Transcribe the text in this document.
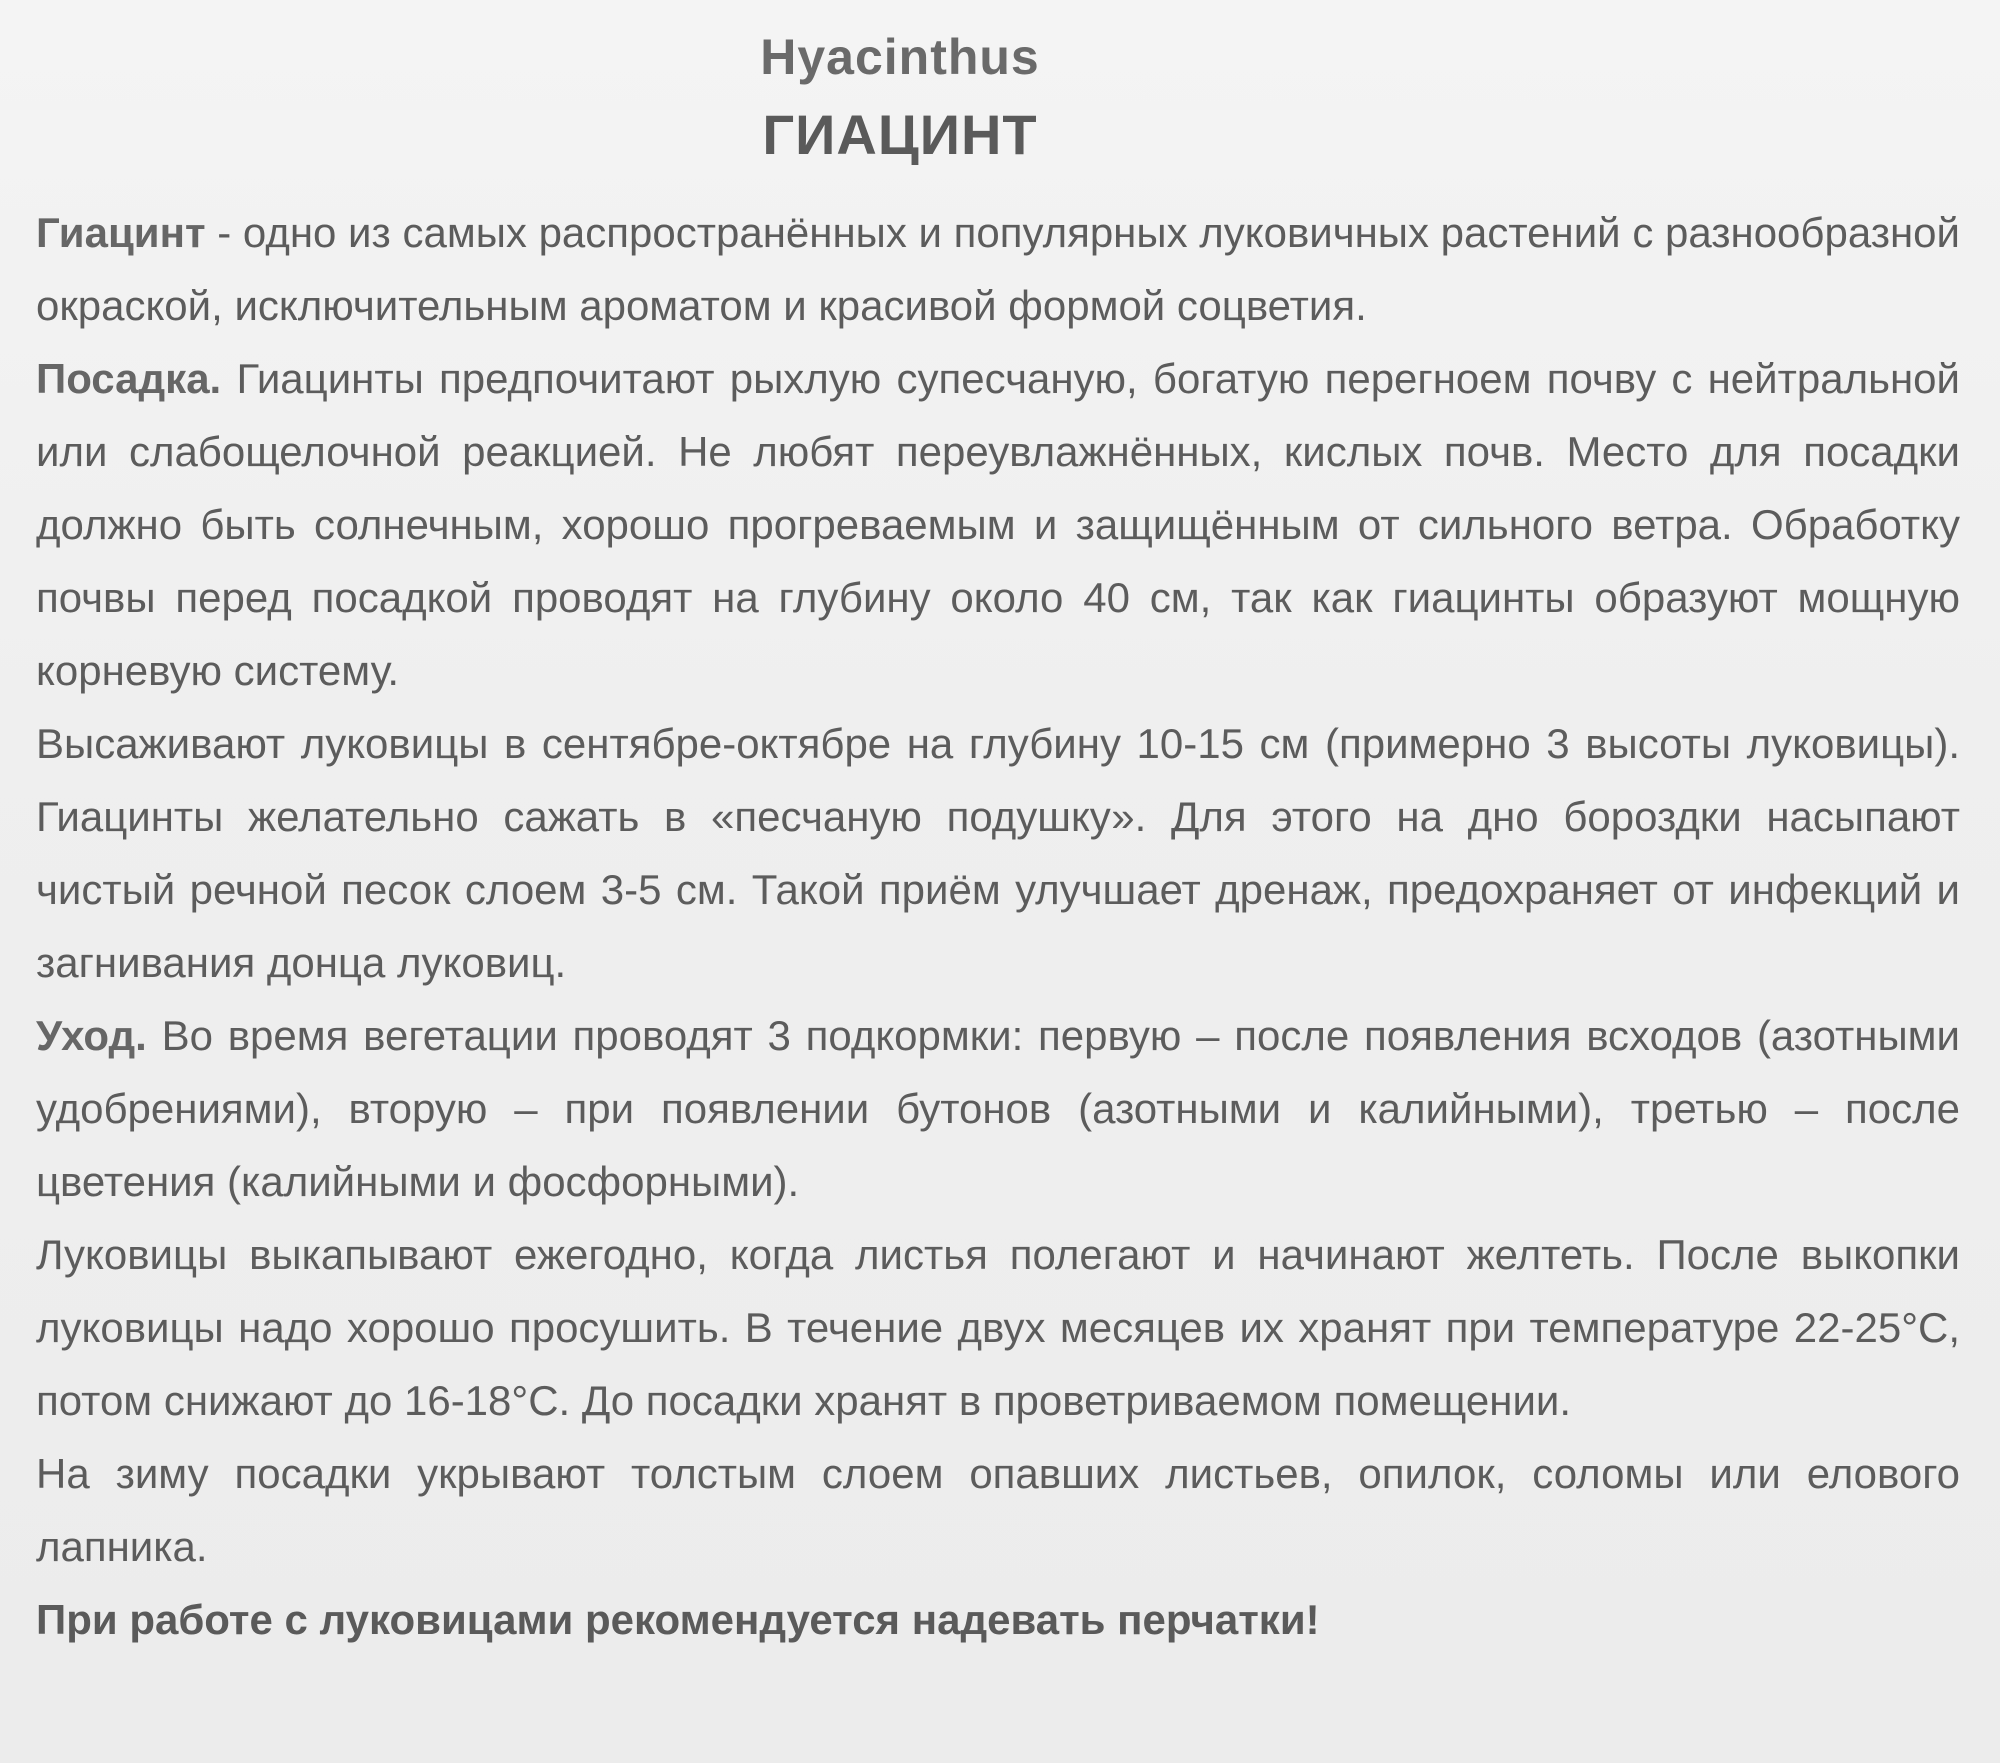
Hyacinthus
ГИАЦИНТ

Гиацинт - одно из самых распространённых и популярных луковичных растений с разнообразной окраской, исключительным ароматом и красивой формой соцветия.

Посадка. Гиацинты предпочитают рыхлую супесчаную, богатую перегноем почву с нейтральной или слабощелочной реакцией. Не любят переувлажнённых, кислых почв. Место для посадки должно быть солнечным, хорошо прогреваемым и защищённым от сильного ветра. Обработку почвы перед посадкой проводят на глубину около 40 см, так как гиацинты образуют мощную корневую систему.

Высаживают луковицы в сентябре-октябре на глубину 10-15 см (примерно 3 высоты луковицы). Гиацинты желательно сажать в «песчаную подушку». Для этого на дно бороздки насыпают чистый речной песок слоем 3-5 см. Такой приём улучшает дренаж, предохраняет от инфекций и загнивания донца луковиц.

Уход. Во время вегетации проводят 3 подкормки: первую – после появления всходов (азотными удобрениями), вторую – при появлении бутонов (азотными и калийными), третью – после цветения (калийными и фосфорными).

Луковицы выкапывают ежегодно, когда листья полегают и начинают желтеть. После выкопки луковицы надо хорошо просушить. В течение двух месяцев их хранят при температуре 22-25°С, потом снижают до 16-18°С. До посадки хранят в проветриваемом помещении.

На зиму посадки укрывают толстым слоем опавших листьев, опилок, соломы или елового лапника.

При работе с луковицами рекомендуется надевать перчатки!
